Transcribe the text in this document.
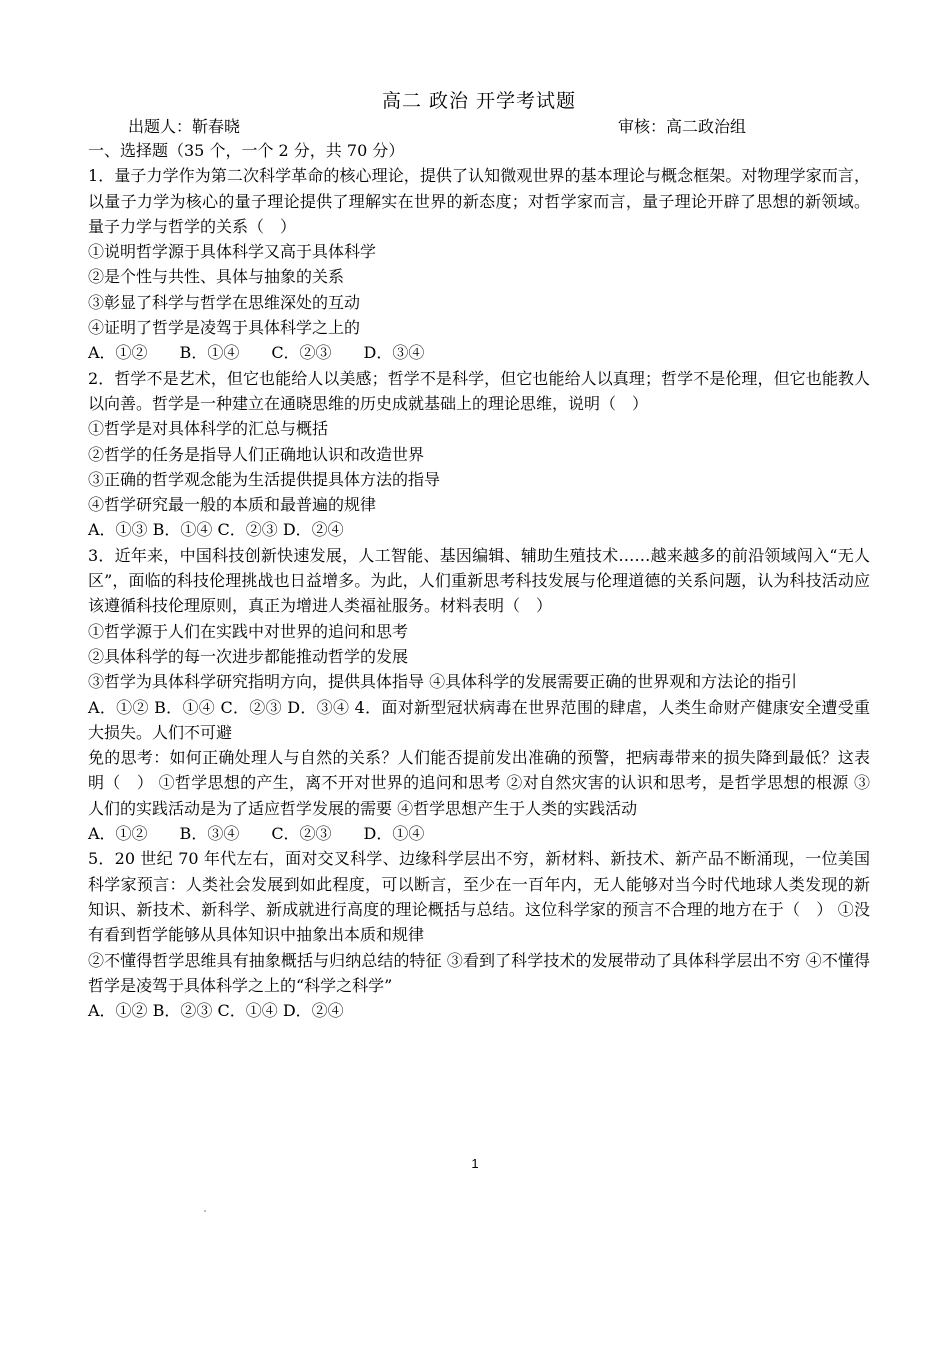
高二 政治 开学考试题
出题人：靳春晓	审核：高二政治组
一、选择题（35 个，一个 2 分，共 70 分）
1．量子力学作为第二次科学革命的核心理论，提供了认知微观世界的基本理论与概念框架。对物理学家而言，以量子力学为核心的量子理论提供了理解实在世界的新态度；对哲学家而言，量子理论开辟了思想的新领域。量子力学与哲学的关系（　）
①说明哲学源于具体科学又高于具体科学
②是个性与共性、具体与抽象的关系
③彰显了科学与哲学在思维深处的互动
④证明了哲学是凌驾于具体科学之上的
A．①②　　B．①④　　C．②③　　D．③④
2．哲学不是艺术，但它也能给人以美感；哲学不是科学，但它也能给人以真理；哲学不是伦理，但它也能教人以向善。哲学是一种建立在通晓思维的历史成就基础上的理论思维，说明（　）
①哲学是对具体科学的汇总与概括
②哲学的任务是指导人们正确地认识和改造世界
③正确的哲学观念能为生活提供提具体方法的指导
④哲学研究最一般的本质和最普遍的规律
A．①③ B．①④ C．②③ D．②④
3．近年来，中国科技创新快速发展，人工智能、基因编辑、辅助生殖技术……越来越多的前沿领域闯入“无人区”，面临的科技伦理挑战也日益增多。为此，人们重新思考科技发展与伦理道德的关系问题，认为科技活动应该遵循科技伦理原则，真正为增进人类福祉服务。材料表明（　）
①哲学源于人们在实践中对世界的追问和思考
②具体科学的每一次进步都能推动哲学的发展
③哲学为具体科学研究指明方向，提供具体指导 ④具体科学的发展需要正确的世界观和方法论的指引
A．①② B．①④ C．②③ D．③④ 4．面对新型冠状病毒在世界范围的肆虐，人类生命财产健康安全遭受重大损失。人们不可避
免的思考：如何正确处理人与自然的关系？人们能否提前发出准确的预警，把病毒带来的损失降到最低？这表明（　） ①哲学思想的产生，离不开对世界的追问和思考 ②对自然灾害的认识和思考，是哲学思想的根源 ③人们的实践活动是为了适应哲学发展的需要 ④哲学思想产生于人类的实践活动
A．①②　　B．③④　　C．②③　　D．①④
5．20 世纪 70 年代左右，面对交叉科学、边缘科学层出不穷，新材料、新技术、新产品不断涌现，一位美国科学家预言：人类社会发展到如此程度，可以断言，至少在一百年内，无人能够对当今时代地球人类发现的新知识、新技术、新科学、新成就进行高度的理论概括与总结。这位科学家的预言不合理的地方在于（　） ①没有看到哲学能够从具体知识中抽象出本质和规律
②不懂得哲学思维具有抽象概括与归纳总结的特征 ③看到了科学技术的发展带动了具体科学层出不穷 ④不懂得哲学是凌驾于具体科学之上的“科学之科学”
A．①② B．②③ C．①④ D．②④
1
